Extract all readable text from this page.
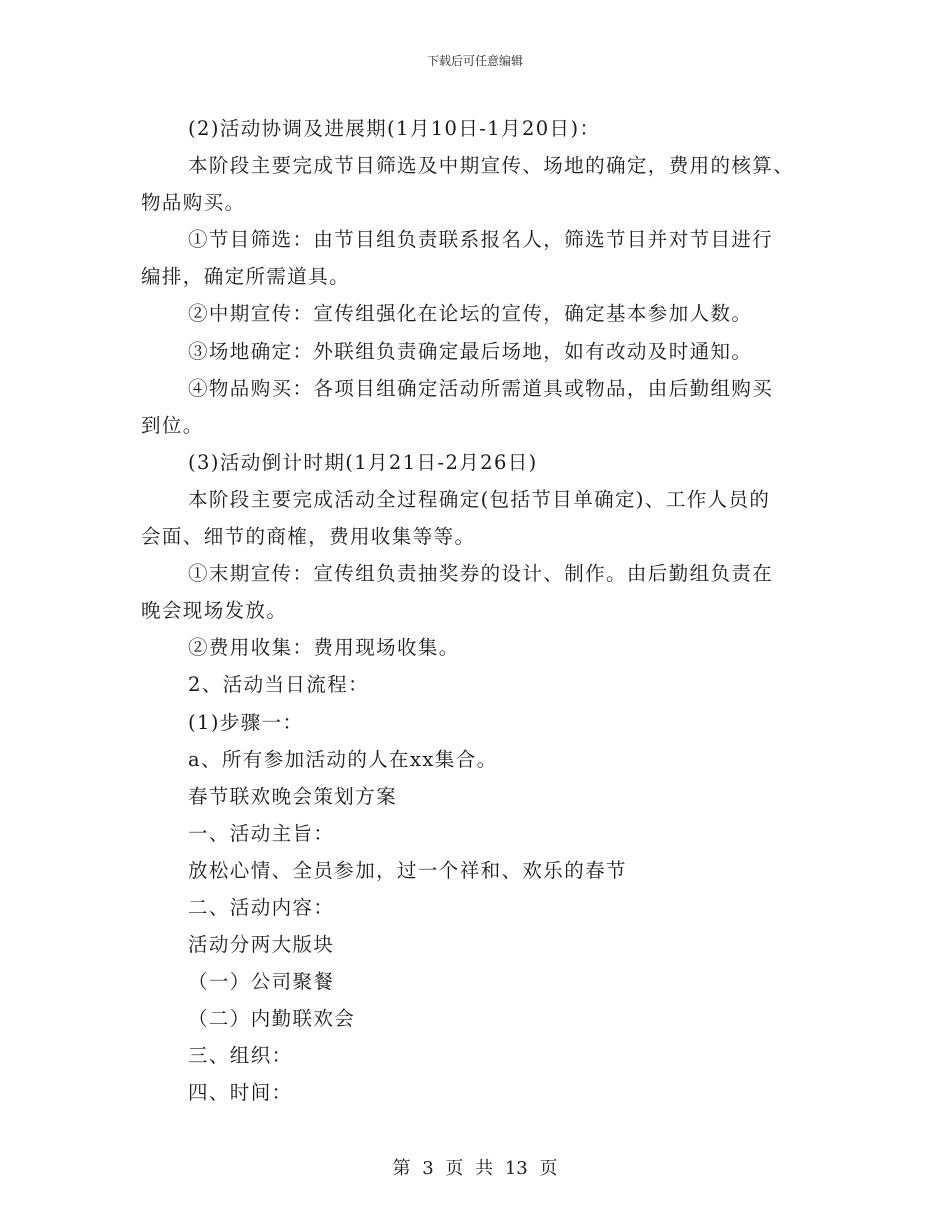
下载后可任意编辑
(2)活动协调及进展期(1月10日-1月20日)：
本阶段主要完成节目筛选及中期宣传、场地的确定，费用的核算、
物品购买。
①节目筛选：由节目组负责联系报名人，筛选节目并对节目进行
编排，确定所需道具。
②中期宣传：宣传组强化在论坛的宣传，确定基本参加人数。
③场地确定：外联组负责确定最后场地，如有改动及时通知。
④物品购买：各项目组确定活动所需道具或物品，由后勤组购买
到位。
(3)活动倒计时期(1月21日-2月26日)
本阶段主要完成活动全过程确定(包括节目单确定)、工作人员的
会面、细节的商榷，费用收集等等。
①末期宣传：宣传组负责抽奖券的设计、制作。由后勤组负责在
晚会现场发放。
②费用收集：费用现场收集。
2、活动当日流程：
(1)步骤一：
a、所有参加活动的人在xx集合。
春节联欢晚会策划方案
一、活动主旨：
放松心情、全员参加，过一个祥和、欢乐的春节
二、活动内容：
活动分两大版块
（一）公司聚餐
（二）内勤联欢会
三、组织：
四、时间：
第 3 页 共 13 页
